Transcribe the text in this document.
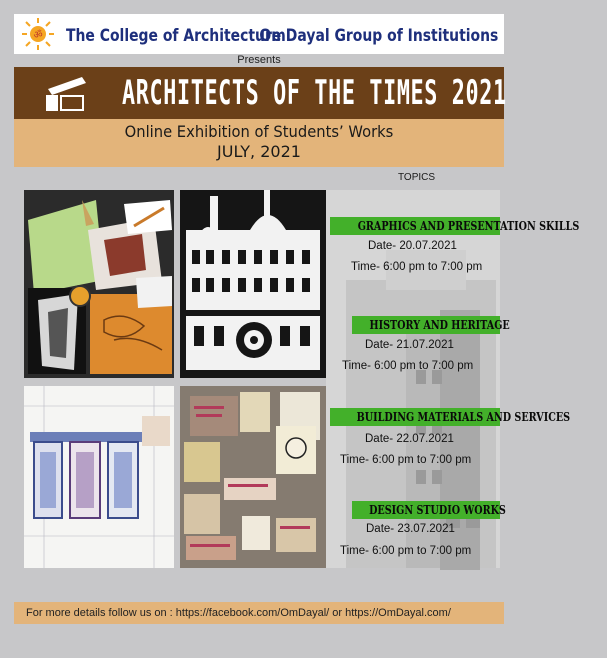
ॐ The College of Architecture
OmDayal Group of Institutions
Presents
ARCHITECTS OF THE TIMES 2021
Online Exhibition of Students’ Works
JULY, 2021
TOPICS
GRAPHICS AND PRESENTATION SKILLS
Date- 20.07.2021
Time- 6:00 pm to 7:00 pm
HISTORY AND HERITAGE
Date- 21.07.2021
Time- 6:00 pm to 7:00 pm
BUILDING MATERIALS AND SERVICES
Date- 22.07.2021
Time- 6:00 pm to 7:00 pm
DESIGN STUDIO WORKS
Date- 23.07.2021
Time- 6:00 pm to 7:00 pm
For more details follow us on : https://facebook.com/OmDayal/ or https://OmDayal.com/
